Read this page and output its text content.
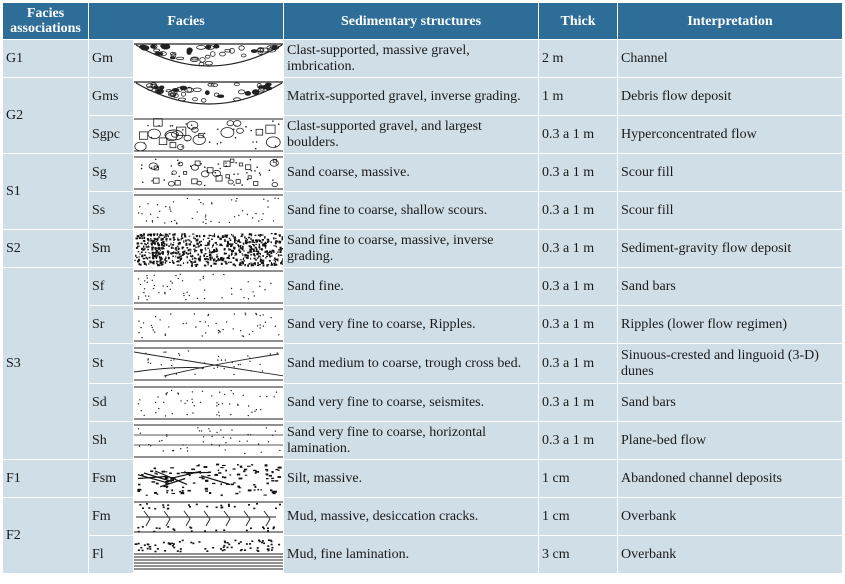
Facies associations	Facies		Sedimentary structures	Thick	Interpretation
G1	Gm		Clast-supported, massive gravel, imbrication.	2 m	Channel
G2	Gms		Matrix-supported gravel, inverse grading.	1 m	Debris flow deposit
	Sgpc		Clast-supported gravel, and largest boulders.	0.3 a 1 m	Hyperconcentrated flow
S1	Sg		Sand coarse, massive.	0.3 a 1 m	Scour fill
	Ss		Sand fine to coarse, shallow scours.	0.3 a 1 m	Scour fill
S2	Sm		Sand fine to coarse, massive, inverse grading.	0.3 a 1 m	Sediment-gravity flow deposit
S3	Sf		Sand fine.	0.3 a 1 m	Sand bars
	Sr		Sand very fine to coarse, Ripples.	0.3 a 1 m	Ripples (lower flow regimen)
	St		Sand medium to coarse, trough cross bed.	0.3 a 1 m	Sinuous-crested and linguoid (3-D) dunes
	Sd		Sand very fine to coarse, seismites.	0.3 a 1 m	Sand bars
	Sh		Sand very fine to coarse, horizontal lamination.	0.3 a 1 m	Plane-bed flow
F1	Fsm		Silt, massive.	1 cm	Abandoned channel deposits
F2	Fm		Mud, massive, desiccation cracks.	1 cm	Overbank
	Fl		Mud, fine lamination.	3 cm	Overbank
